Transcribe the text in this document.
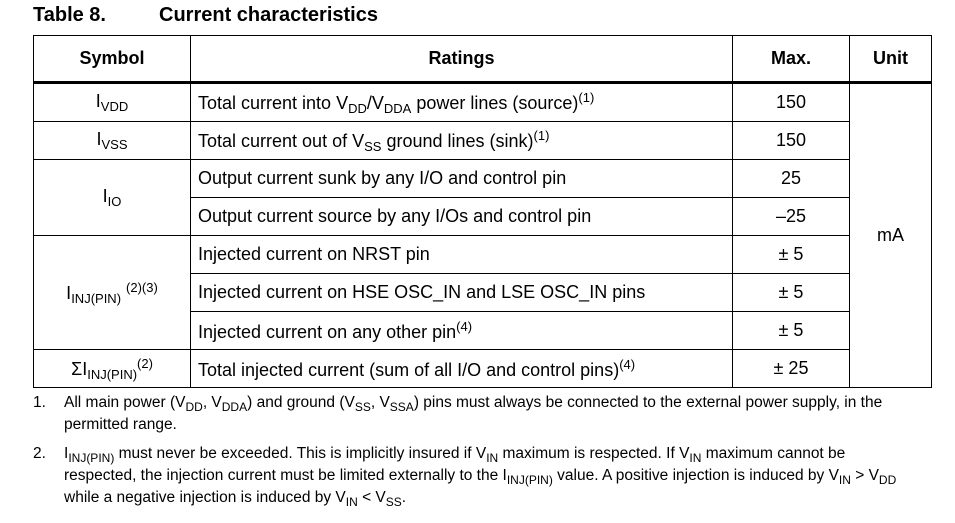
Table 8.	Current characteristics
Symbol	Ratings	Max.	Unit
$I_{VDD}$	Total current into $V_{DD}/V_{DDA}$ power lines (source)$^{(1)}$	150	mA
$I_{VSS}$	Total current out of $V_{SS}$ ground lines $(\sin k)^{(1)}$	150	
$I_{IO}$	Output current sunk by any I/O and control pin	25	
	Output current source by any I/Os and control pin	–25	
$I_{INJ(PIN)}$ $^{(2)(3)}$	Injected current on NRST pin	± 5	
	Injected current on HSE OSC_IN and LSE OSC_IN pins	± 5	
	Injected current on any other pin$^{(4)}$	± 5	
$\Sigma I_{INJ(PIN)}^{(2)}$	Total injected current (sum of all I/O and control pins)$^{(4)}$	± 25	
1.	All main power ($V_{DD}$, $V_{DDA}$) and ground ($V_{SS}$, $V_{SSA}$) pins must always be connected to the external power supply, in the permitted range.
2.	$I_{INJ(PIN)}$ must never be exceeded. This is implicitly insured if $V_{IN}$ maximum is respected. If $V_{IN}$ maximum cannot be respected, the injection current must be limited externally to the $I_{INJ(PIN)}$ value. A positive injection is induced by $V_{IN} > V_{DD}$ while a negative injection is induced by $V_{IN} < V_{SS}$.
